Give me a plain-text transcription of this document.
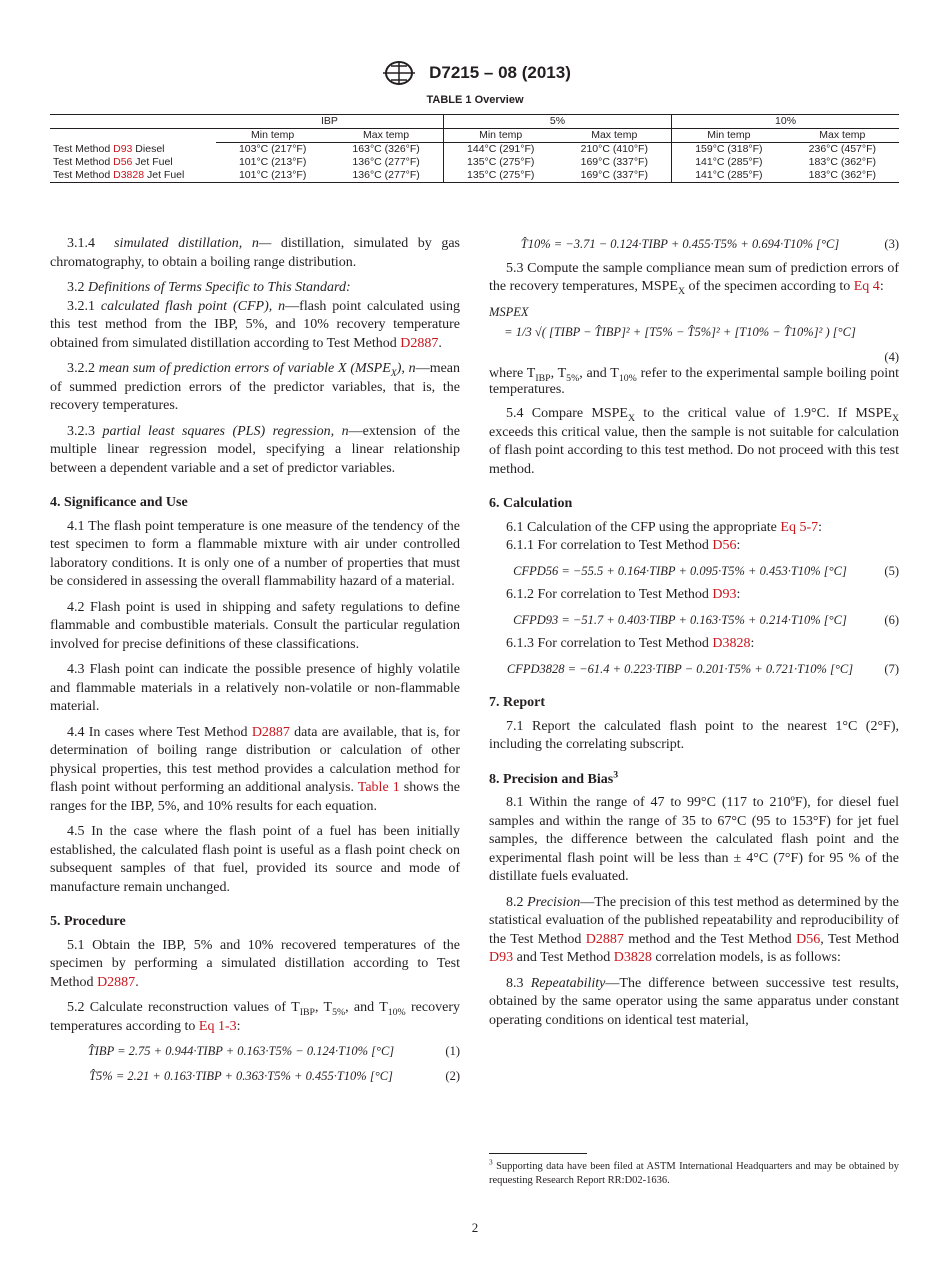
D7215 – 08 (2013)
TABLE 1 Overview
	IBP		5%		10%	
	Min temp	Max temp	Min temp	Max temp	Min temp	Max temp
Test Method D93 Diesel	103°C (217°F)	163°C (326°F)	144°C (291°F)	210°C (410°F)	159°C (318°F)	236°C (457°F)
Test Method D56 Jet Fuel	101°C (213°F)	136°C (277°F)	135°C (275°F)	169°C (337°F)	141°C (285°F)	183°C (362°F)
Test Method D3828 Jet Fuel	101°C (213°F)	136°C (277°F)	135°C (275°F)	169°C (337°F)	141°C (285°F)	183°C (362°F)

3.1.4 simulated distillation, n— distillation, simulated by gas chromatography, to obtain a boiling range distribution.

3.2 Definitions of Terms Specific to This Standard:

3.2.1 calculated flash point (CFP), n—flash point calculated using this test method from the IBP, 5%, and 10% recovery temperature obtained from simulated distillation according to Test Method D2887.

3.2.2 mean sum of prediction errors of variable X $(MSPE_X)$, n—mean of summed prediction errors of the predictor variables, that is, the recovery temperatures.

3.2.3 partial least squares (PLS) regression, n—extension of the multiple linear regression model, specifying a linear relationship between a dependent variable and a set of predictor variables.

4. Significance and Use

4.1 The flash point temperature is one measure of the tendency of the test specimen to form a flammable mixture with air under controlled laboratory conditions. It is only one of a number of properties that must be considered in assessing the overall flammability hazard of a material.

4.2 Flash point is used in shipping and safety regulations to define flammable and combustible materials. Consult the particular regulation involved for precise definitions of these classifications.

4.3 Flash point can indicate the possible presence of highly volatile and flammable materials in a relatively non-volatile or non-flammable material.

4.4 In cases where Test Method D2887 data are available, that is, for determination of boiling range distribution or calculation of other physical properties, this test method provides a calculation method for flash point without performing an additional analysis. Table 1 shows the ranges for the IBP, 5%, and 10% results for each equation.

4.5 In the case where the flash point of a fuel has been initially established, the calculated flash point is useful as a flash point check on subsequent samples of that fuel, provided its source and mode of manufacture remain unchanged.

5. Procedure

5.1 Obtain the IBP, 5% and 10% recovered temperatures of the specimen by performing a simulated distillation according to Test Method D2887.

5.2 Calculate reconstruction values of $T_{IBP}$, $T_{5\%}$, and $T_{10\%}$ recovery temperatures according to Eq 1-3:

T̂IBP = 2.75 + 0.944·TIBP + 0.163·T5% − 0.124·T10% [°C]	(1)

T̂5% = 2.21 + 0.163·TIBP + 0.363·T5% + 0.455·T10% [°C]	(2)

T̂10% = −3.71 − 0.124·TIBP + 0.455·T5% + 0.694·T10% [°C]	(3)

5.3 Compute the sample compliance mean sum of prediction errors of the recovery temperatures, $MSPE_X$ of the specimen according to Eq 4:

MSPEX

= 1/3 √( [TIBP − T̂IBP]² + [T5% − T̂5%]² + [T10% − T̂10%]² ) [°C]

(4)

where $T_{IBP}$, $T_{5\%}$, and $T_{10\%}$ refer to the experimental sample boiling point temperatures.

5.4 Compare $MSPE_X$ to the critical value of 1.9°C. If $MSPE_X$ exceeds this critical value, then the sample is not suitable for calculation of flash point according to this test method. Do not proceed with this test method.

6. Calculation

6.1 Calculation of the CFP using the appropriate Eq 5-7:

6.1.1 For correlation to Test Method D56:

CFPD56 = −55.5 + 0.164·TIBP + 0.095·T5% + 0.453·T10% [°C]	(5)

6.1.2 For correlation to Test Method D93:

CFPD93 = −51.7 + 0.403·TIBP + 0.163·T5% + 0.214·T10% [°C]	(6)

6.1.3 For correlation to Test Method D3828:

CFPD3828 = −61.4 + 0.223·TIBP − 0.201·T5% + 0.721·T10% [°C]	(7)

7. Report

7.1 Report the calculated flash point to the nearest 1°C (2°F), including the correlating subscript.

8. Precision and Bias$^3$

8.1 Within the range of 47 to 99°C (117 to 210ºF), for diesel fuel samples and within the range of 35 to 67°C (95 to 153°F) for jet fuel samples, the difference between the calculated flash point and the experimental flash point will be less than ± 4°C (7°F) for 95 % of the distillate fuels evaluated.

8.2 Precision—The precision of this test method as determined by the statistical evaluation of the published repeatability and reproducibility of the Test Method D2887 method and the Test Method D56, Test Method D93 and Test Method D3828 correlation models, is as follows:

8.3 Repeatability—The difference between successive test results, obtained by the same operator using the same apparatus under constant operating conditions on identical test material,

$^3$ Supporting data have been filed at ASTM International Headquarters and may be obtained by requesting Research Report RR:D02-1636.
2
